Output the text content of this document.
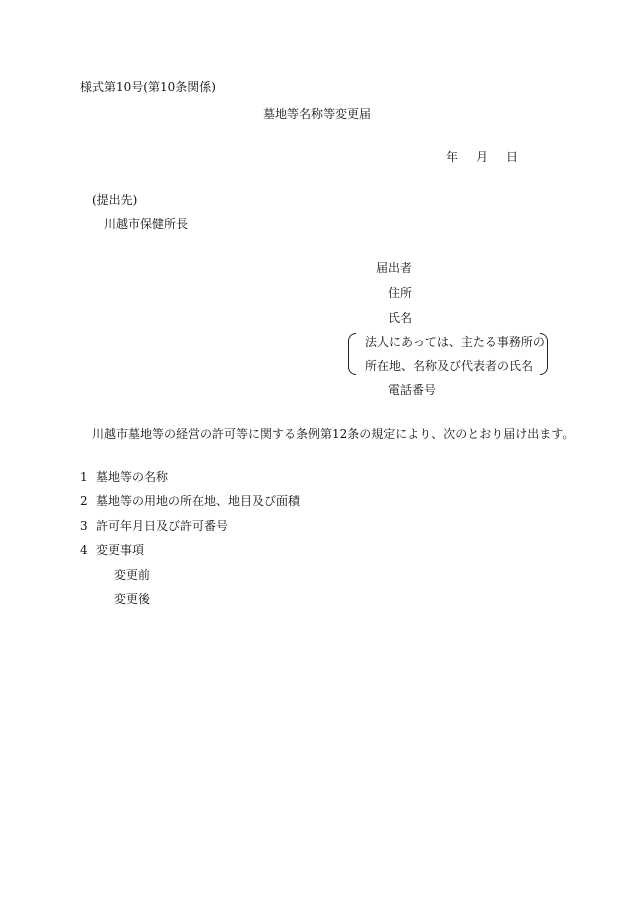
様式第10号(第10条関係)
墓地等名称等変更届
年 月 日
(提出先)
川越市保健所長
届出者
住所
氏名
法人にあっては、主たる事務所の
所在地、名称及び代表者の氏名
電話番号
川越市墓地等の経営の許可等に関する条例第12条の規定により、次のとおり届け出ます。
1 墓地等の名称
2 墓地等の用地の所在地、地目及び面積
3 許可年月日及び許可番号
4 変更事項
変更前
変更後
